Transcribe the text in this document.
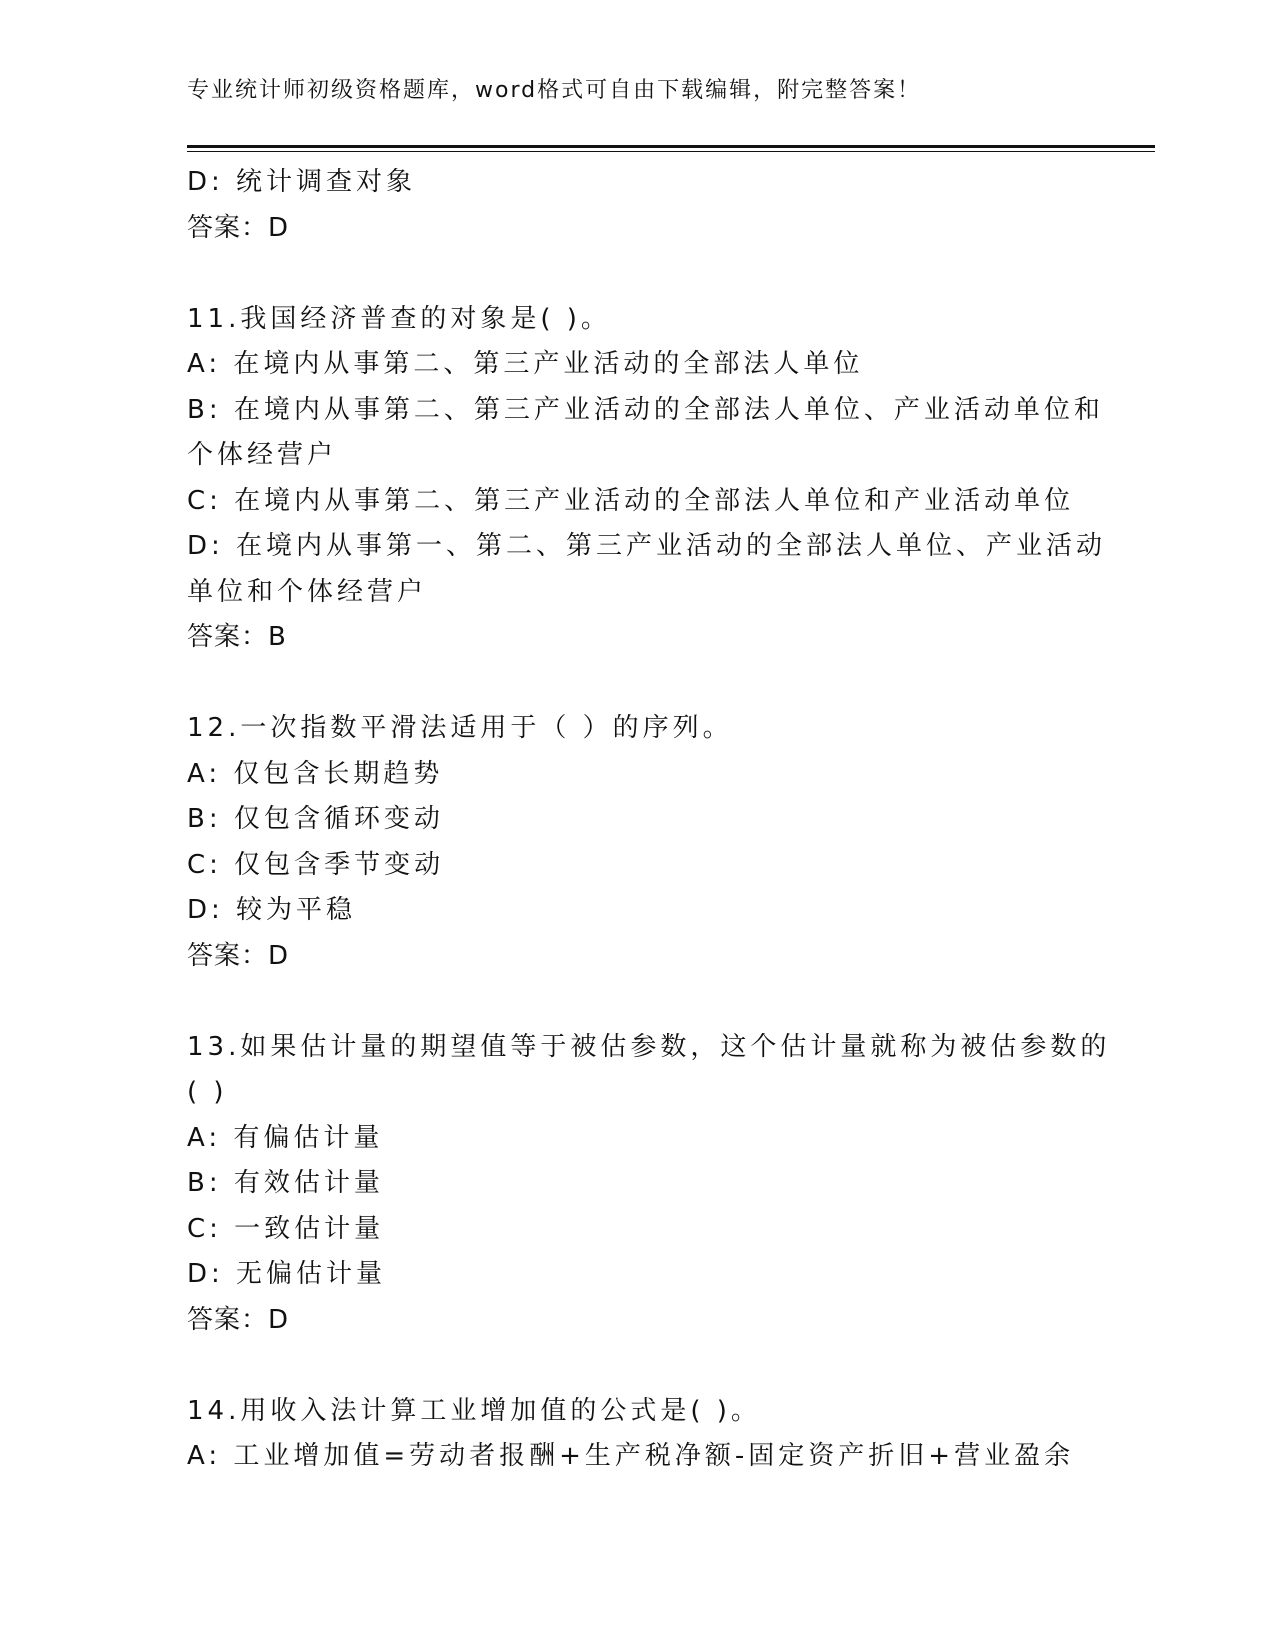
专业统计师初级资格题库，word格式可自由下载编辑，附完整答案！
D: 统计调查对象
答案：D
11.我国经济普查的对象是( )。
A: 在境内从事第二、第三产业活动的全部法人单位
B: 在境内从事第二、第三产业活动的全部法人单位、产业活动单位和
个体经营户
C: 在境内从事第二、第三产业活动的全部法人单位和产业活动单位
D: 在境内从事第一、第二、第三产业活动的全部法人单位、产业活动
单位和个体经营户
答案：B
12.一次指数平滑法适用于（ ）的序列。
A: 仅包含长期趋势
B: 仅包含循环变动
C: 仅包含季节变动
D: 较为平稳
答案：D
13.如果估计量的期望值等于被估参数，这个估计量就称为被估参数的
( )
A: 有偏估计量
B: 有效估计量
C: 一致估计量
D: 无偏估计量
答案：D
14.用收入法计算工业增加值的公式是( )。
A: 工业增加值=劳动者报酬+生产税净额-固定资产折旧+营业盈余
